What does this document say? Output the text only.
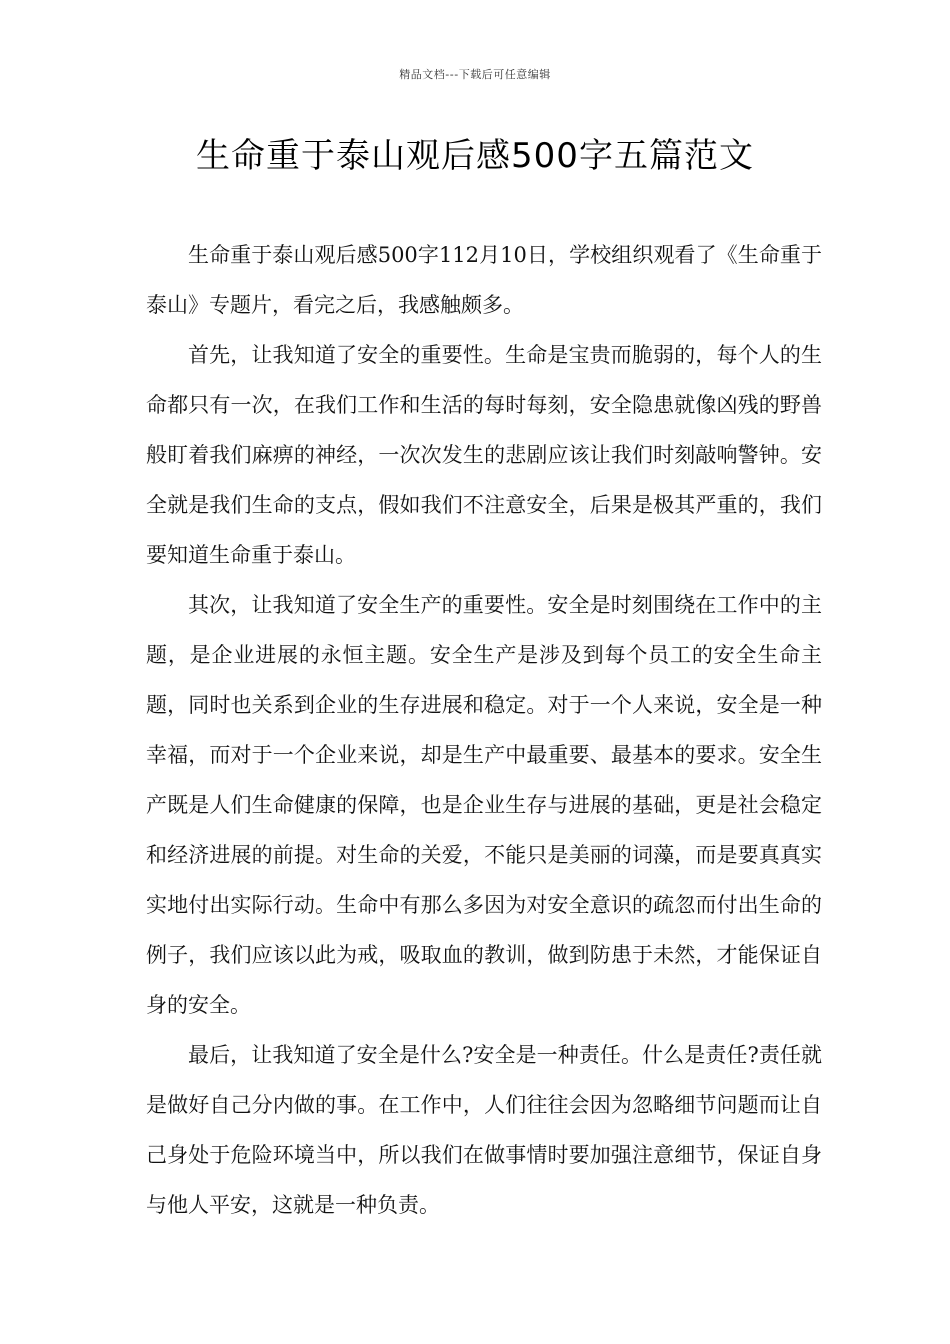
精品文档---下载后可任意编辑
生命重于泰山观后感500字五篇范文

生命重于泰山观后感500字112月10日，学校组织观看了《生命重于泰山》专题片，看完之后，我感触颇多。

首先，让我知道了安全的重要性。生命是宝贵而脆弱的，每个人的生命都只有一次，在我们工作和生活的每时每刻，安全隐患就像凶残的野兽般盯着我们麻痹的神经，一次次发生的悲剧应该让我们时刻敲响警钟。安全就是我们生命的支点，假如我们不注意安全，后果是极其严重的，我们要知道生命重于泰山。

其次，让我知道了安全生产的重要性。安全是时刻围绕在工作中的主题，是企业进展的永恒主题。安全生产是涉及到每个员工的安全生命主题，同时也关系到企业的生存进展和稳定。对于一个人来说，安全是一种幸福，而对于一个企业来说，却是生产中最重要、最基本的要求。安全生产既是人们生命健康的保障，也是企业生存与进展的基础，更是社会稳定和经济进展的前提。对生命的关爱，不能只是美丽的词藻，而是要真真实实地付出实际行动。生命中有那么多因为对安全意识的疏忽而付出生命的例子，我们应该以此为戒，吸取血的教训，做到防患于未然，才能保证自身的安全。

最后，让我知道了安全是什么?安全是一种责任。什么是责任?责任就是做好自己分内做的事。在工作中，人们往往会因为忽略细节问题而让自己身处于危险环境当中，所以我们在做事情时要加强注意细节，保证自身与他人平安，这就是一种负责。
